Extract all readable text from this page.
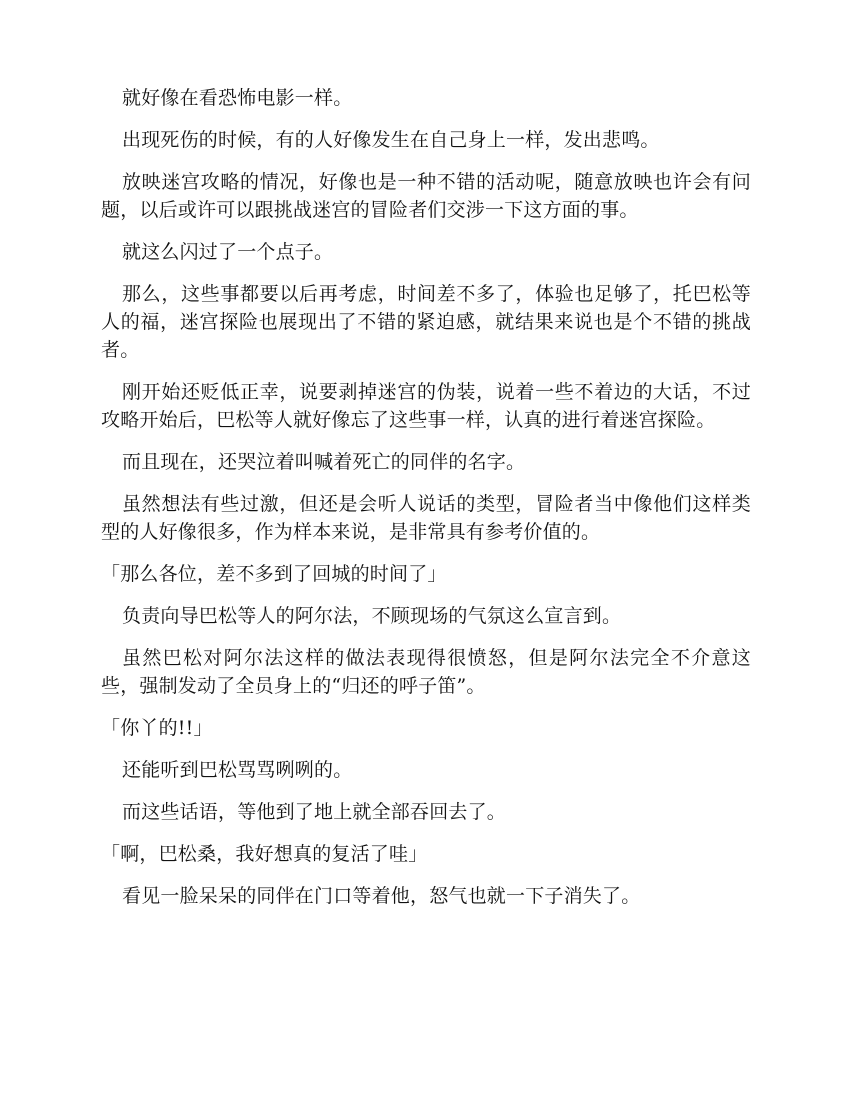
就好像在看恐怖电影一样。

出现死伤的时候，有的人好像发生在自己身上一样，发出悲鸣。

放映迷宫攻略的情况，好像也是一种不错的活动呢，随意放映也许会有问题，以后或许可以跟挑战迷宫的冒险者们交涉一下这方面的事。

就这么闪过了一个点子。

那么，这些事都要以后再考虑，时间差不多了，体验也足够了，托巴松等人的福，迷宫探险也展现出了不错的紧迫感，就结果来说也是个不错的挑战者。

刚开始还贬低正幸，说要剥掉迷宫的伪装，说着一些不着边的大话，不过攻略开始后，巴松等人就好像忘了这些事一样，认真的进行着迷宫探险。

而且现在，还哭泣着叫喊着死亡的同伴的名字。

虽然想法有些过激，但还是会听人说话的类型，冒险者当中像他们这样类型的人好像很多，作为样本来说，是非常具有参考价值的。

「那么各位，差不多到了回城的时间了」

负责向导巴松等人的阿尔法，不顾现场的气氛这么宣言到。

虽然巴松对阿尔法这样的做法表现得很愤怒，但是阿尔法完全不介意这些，强制发动了全员身上的“归还的呼子笛”。

「你丫的!!」

还能听到巴松骂骂咧咧的。

而这些话语，等他到了地上就全部吞回去了。

「啊，巴松桑，我好想真的复活了哇」

看见一脸呆呆的同伴在门口等着他，怒气也就一下子消失了。
